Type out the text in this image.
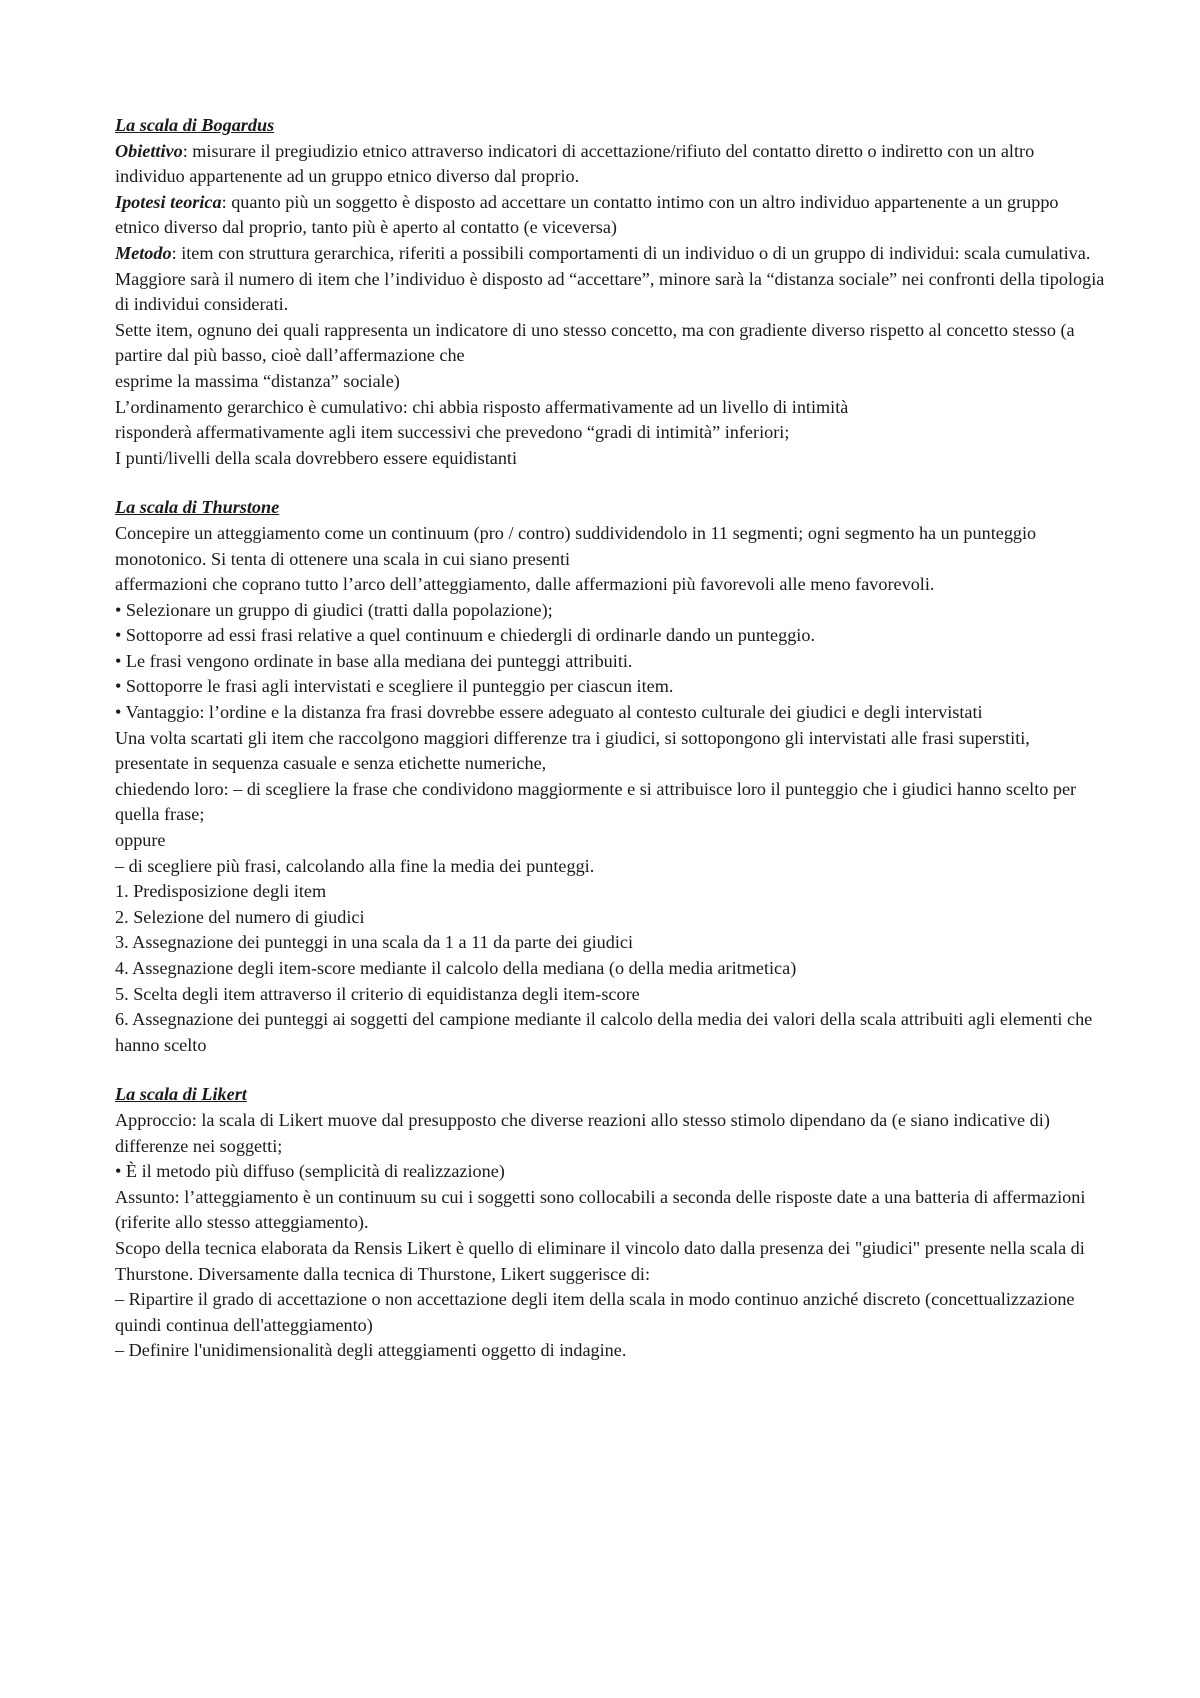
La scala di Bogardus

Obiettivo: misurare il pregiudizio etnico attraverso indicatori di accettazione/rifiuto del contatto diretto o indiretto con un altro individuo appartenente ad un gruppo etnico diverso dal proprio.

Ipotesi teorica: quanto più un soggetto è disposto ad accettare un contatto intimo con un altro individuo appartenente a un gruppo etnico diverso dal proprio, tanto più è aperto al contatto (e viceversa)

Metodo: item con struttura gerarchica, riferiti a possibili comportamenti di un individuo o di un gruppo di individui: scala cumulativa.

Maggiore sarà il numero di item che l’individuo è disposto ad “accettare”, minore sarà la “distanza sociale” nei confronti della tipologia di individui considerati.

Sette item, ognuno dei quali rappresenta un indicatore di uno stesso concetto, ma con gradiente diverso rispetto al concetto stesso (a partire dal più basso, cioè dall’affermazione che

esprime la massima “distanza” sociale)

L’ordinamento gerarchico è cumulativo: chi abbia risposto affermativamente ad un livello di intimità

risponderà affermativamente agli item successivi che prevedono “gradi di intimità” inferiori;

I punti/livelli della scala dovrebbero essere equidistanti

La scala di Thurstone

Concepire un atteggiamento come un continuum (pro / contro) suddividendolo in 11 segmenti; ogni segmento ha un punteggio monotonico. Si tenta di ottenere una scala in cui siano presenti

affermazioni che coprano tutto l’arco dell’atteggiamento, dalle affermazioni più favorevoli alle meno favorevoli.

• Selezionare un gruppo di giudici (tratti dalla popolazione);

• Sottoporre ad essi frasi relative a quel continuum e chiedergli di ordinarle dando un punteggio.

• Le frasi vengono ordinate in base alla mediana dei punteggi attribuiti.

• Sottoporre le frasi agli intervistati e scegliere il punteggio per ciascun item.

• Vantaggio: l’ordine e la distanza fra frasi dovrebbe essere adeguato al contesto culturale dei giudici e degli intervistati

Una volta scartati gli item che raccolgono maggiori differenze tra i giudici, si sottopongono gli intervistati alle frasi superstiti, presentate in sequenza casuale e senza etichette numeriche,

chiedendo loro: – di scegliere la frase che condividono maggiormente e si attribuisce loro il punteggio che i giudici hanno scelto per quella frase;

oppure

– di scegliere più frasi, calcolando alla fine la media dei punteggi.

1. Predisposizione degli item

2. Selezione del numero di giudici

3. Assegnazione dei punteggi in una scala da 1 a 11 da parte dei giudici

4. Assegnazione degli item-score mediante il calcolo della mediana (o della media aritmetica)

5. Scelta degli item attraverso il criterio di equidistanza degli item-score

6. Assegnazione dei punteggi ai soggetti del campione mediante il calcolo della media dei valori della scala attribuiti agli elementi che hanno scelto

La scala di Likert

Approccio: la scala di Likert muove dal presupposto che diverse reazioni allo stesso stimolo dipendano da (e siano indicative di) differenze nei soggetti;

• È il metodo più diffuso (semplicità di realizzazione)

Assunto: l’atteggiamento è un continuum su cui i soggetti sono collocabili a seconda delle risposte date a una batteria di affermazioni (riferite allo stesso atteggiamento).

Scopo della tecnica elaborata da Rensis Likert è quello di eliminare il vincolo dato dalla presenza dei "giudici" presente nella scala di Thurstone. Diversamente dalla tecnica di Thurstone, Likert suggerisce di:

– Ripartire il grado di accettazione o non accettazione degli item della scala in modo continuo anziché discreto (concettualizzazione quindi continua dell'atteggiamento)

– Definire l'unidimensionalità degli atteggiamenti oggetto di indagine.
